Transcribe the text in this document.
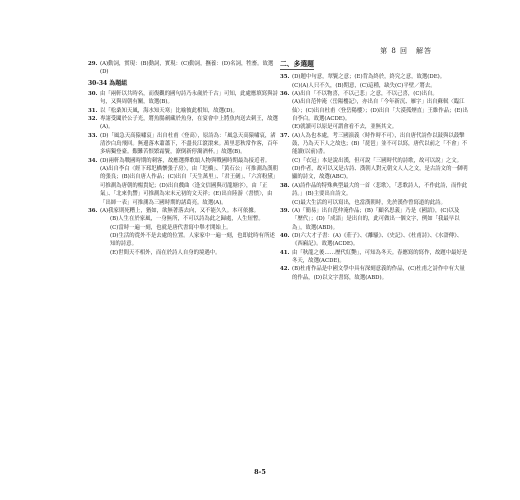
第 8 回　解答
29. (A)動詞，實現：(B)動詞，實現：(C)動詞，撫養：(D)名詞，牲畜。故選(D)
30-34 為題組
30. 由「兩軒以共時名，而復觀的國句詩乃永歲於千古」可知，此處應填寫與詩句，又與周朝有關，故選(B)。
31. 以「松桑知天風，海水知天寒」比喻彼此相知，故選(D)。
32. 專諸受闔於公子光，將魚腸劍藏於魚身，在宴會中上將魚肉送去刺王，故選(A)。
33. (D)「風急天高猿嘯哀」出自杜甫〈登高〉，原詩為：「風急天高猿嘯哀，渚清沙白鳥飛回。無邊落木蕭蕭下，不盡長江滾滾來。萬里悲秋常作客，百年多病獨登臺。艱難苦恨繁霜鬢，潦倒新停濁酒杯。」故選(B)。
34. (D)兩軒為戰國時期的刺客，故應選擇歌頌人物與戰國時期最為接近者。
(A)出自李白〈經下邳圯橋懷張子房〉，由「圯橋」、「黃石公」可推測為漢朝的張良；(B)出自唐人作品；(C)出自「天生萬里」、「君王劍」、「六宮粉黛」可推測為唐朝的楊貴妃；(D)出自戲曲〈逢文信國與司龍塘序〉，由「正氣」、「北來仇讐」可推測為宋末元初的文天祥；(E)出自陸游〈書憤〉，由「出師一表」可推測為三國時期的諸葛亮。故選(A)。
36. (A)我家則死糟上，猶如，欲無著落去向，又不能久久。本可依據。
(B)人生在於家風，一身無所，不可以詩為此之歸處，人生短暫。
(C)當時一遍一刻，也就是唐代書寫中舉才開始上。
(D)生活的從外不是去處的位置。人家家中一遍一刻，也即此時有所述知的詩意。
(E)世間天不相外，而在於詩人自身的境遇中。
二、多選題
35. (D)題中句意，翠鬢之意；(E)背為終於，終究之意，故選(DE)。
(C)(A)人只不久，(B)期意，(C)這種，缺失(C)平壁／將去。
36. (A)出自「不以物喜，不以己悲」之意，不以己喜，(C)出自。
(A)出自范仲淹〈岳陽樓記〉，亦出自「今年新沉、雁字」出自蘇軾〈臨江仙〉；(C)出自杜甫〈登岳陽樓〉；(D)出自「大漠孤煙直」王維作品；(E)出自李白。故選(ACDE)。
(E)就讀可以原是可謂會看不去，並無其文。
37. (A)人為也本處，考三國演義〈時作時不可〉，出自唐代詩作以鼓與以鼓擊鼓，乃為天下人之故也；(B)「琵琶」並不可以寫，唐代以前之「不會」不能讀(以前)書。
(C)「衣冠」本是說出漢，但可說「三國時代的詩歌，故可以說」之文。(D)作者，故可以又是古詩、漢朝人對元朝文人人之文，是古詩文的一個明顯的詩文，故選(ABC)。
38. (A)詩作品的特殊典型最大的一首〈悲歌〉，「悲歌詩人，不作此詩，而作此詩。」(B)主要出自詩文。
(C)最大生活的可以寫出，也當漢朝時，先於漢作曾寫道的此詩。
39. (A)「簡易」出自范仲淹作品；(B)「顧名思義」乃是《國語》，(C)以及「歷代」；(D)「成語」是出自的，此可做出一個文字，例如「我最早以為」，故選(ABD)。
40. (D)六大才子書：(A)《莊子》、《離騷》、《史記》、《杜甫詩》、《水滸傳》、《西廂記》。故選(ACDE)。
41. 由「秋龍之後……歷代紅艷」，可知為冬天。春應寫的寫作，故題中最好是冬天，故選(ACDE)。
42. (B)杜甫作品是中國文學中具有深刻意義的作品，(C)杜甫之詩作中有大量的作品，(D)以文字書寫，故選(ABD)。
8-5
